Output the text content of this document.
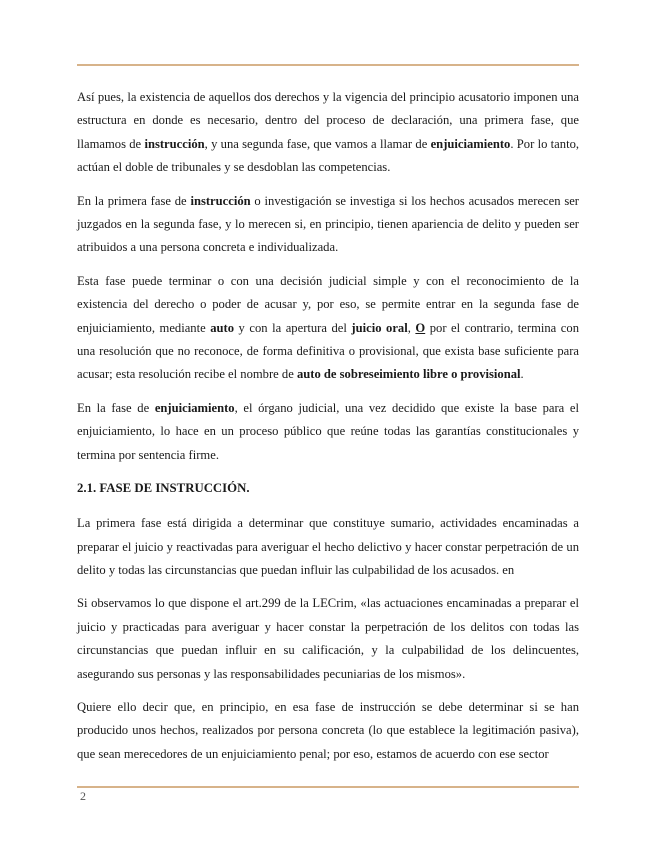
Así pues, la existencia de aquellos dos derechos y la vigencia del principio acusatorio imponen una estructura en donde es necesario, dentro del proceso de declaración, una primera fase, que llamamos de instrucción, y una segunda fase, que vamos a llamar de enjuiciamiento. Por lo tanto, actúan el doble de tribunales y se desdoblan las competencias.

En la primera fase de instrucción o investigación se investiga si los hechos acusados merecen ser juzgados en la segunda fase, y lo merecen si, en principio, tienen apariencia de delito y pueden ser atribuidos a una persona concreta e individualizada.

Esta fase puede terminar o con una decisión judicial simple y con el reconocimiento de la existencia del derecho o poder de acusar y, por eso, se permite entrar en la segunda fase de enjuiciamiento, mediante auto y con la apertura del juicio oral, O por el contrario, termina con una resolución que no reconoce, de forma definitiva o provisional, que exista base suficiente para acusar; esta resolución recibe el nombre de auto de sobreseimiento libre o provisional.

En la fase de enjuiciamiento, el órgano judicial, una vez decidido que existe la base para el enjuiciamiento, lo hace en un proceso público que reúne todas las garantías constitucionales y termina por sentencia firme.

2.1. FASE DE INSTRUCCIÓN.

La primera fase está dirigida a determinar que constituye sumario, actividades encaminadas a preparar el juicio y reactivadas para averiguar el hecho delictivo y hacer constar perpetración de un delito y todas las circunstancias que puedan influir las culpabilidad de los acusados. en

Si observamos lo que dispone el art.299 de la LECrim, «las actuaciones encaminadas a preparar el juicio y practicadas para averiguar y hacer constar la perpetración de los delitos con todas las circunstancias que puedan influir en su calificación, y la culpabilidad de los delincuentes, asegurando sus personas y las responsabilidades pecuniarias de los mismos».

Quiere ello decir que, en principio, en esa fase de instrucción se debe determinar si se han producido unos hechos, realizados por persona concreta (lo que establece la legitimación pasiva), que sean merecedores de un enjuiciamiento penal; por eso, estamos de acuerdo con ese sector

2
